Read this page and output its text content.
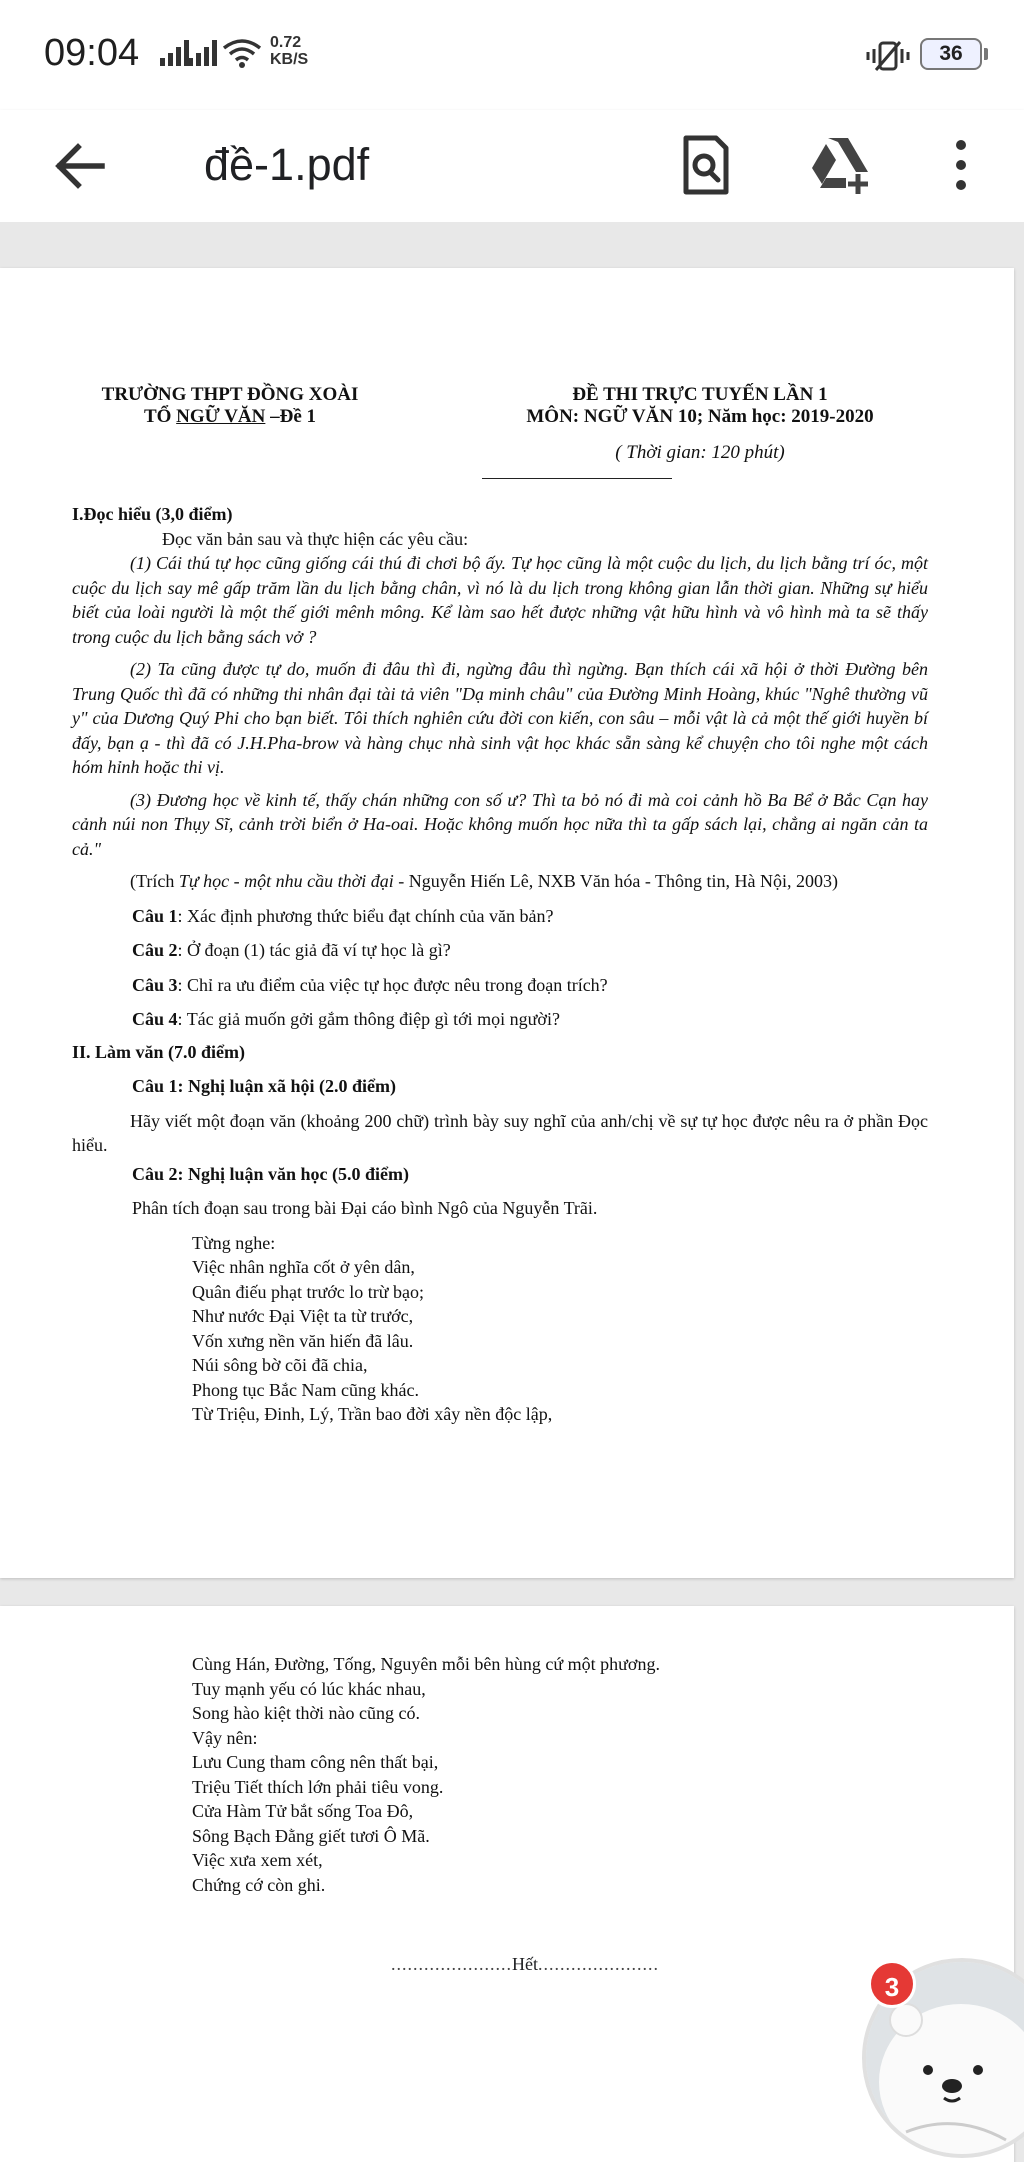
09:04	0.72
KB/S	36
đề-1.pdf
TRƯỜNG THPT ĐỒNG XOÀI
TỔ NGỮ VĂN –Đề 1
ĐỀ THI TRỰC TUYẾN LẦN 1
MÔN: NGỮ VĂN 10; Năm học: 2019-2020
( Thời gian: 120 phút)

I.Đọc hiểu (3,0 điểm)

Đọc văn bản sau và thực hiện các yêu cầu:

(1) Cái thú tự học cũng giống cái thú đi chơi bộ ấy. Tự học cũng là một cuộc du lịch, du lịch bằng trí óc, một cuộc du lịch say mê gấp trăm lần du lịch bằng chân, vì nó là du lịch trong không gian lẫn thời gian. Những sự hiểu biết của loài người là một thế giới mênh mông. Kể làm sao hết được những vật hữu hình và vô hình mà ta sẽ thấy trong cuộc du lịch bằng sách vở ?

(2) Ta cũng được tự do, muốn đi đâu thì đi, ngừng đâu thì ngừng. Bạn thích cái xã hội ở thời Đường bên Trung Quốc thì đã có những thi nhân đại tài tả viên "Dạ minh châu" của Đường Minh Hoàng, khúc "Nghê thường vũ y" của Dương Quý Phi cho bạn biết. Tôi thích nghiên cứu đời con kiến, con sâu – mỗi vật là cả một thế giới huyền bí đấy, bạn ạ - thì đã có J.H.Pha-brow và hàng chục nhà sinh vật học khác sẵn sàng kể chuyện cho tôi nghe một cách hóm hỉnh hoặc thi vị.

(3) Đương học về kinh tế, thấy chán những con số ư? Thì ta bỏ nó đi mà coi cảnh hồ Ba Bể ở Bắc Cạn hay cảnh núi non Thụy Sĩ, cảnh trời biển ở Ha-oai. Hoặc không muốn học nữa thì ta gấp sách lại, chẳng ai ngăn cản ta cả."

(Trích Tự học - một nhu cầu thời đại - Nguyễn Hiến Lê, NXB Văn hóa - Thông tin, Hà Nội, 2003)

Câu 1: Xác định phương thức biểu đạt chính của văn bản?

Câu 2: Ở đoạn (1) tác giả đã ví tự học là gì?

Câu 3: Chỉ ra ưu điểm của việc tự học được nêu trong đoạn trích?

Câu 4: Tác giả muốn gởi gắm thông điệp gì tới mọi người?

II. Làm văn (7.0 điểm)

Câu 1: Nghị luận xã hội (2.0 điểm)

Hãy viết một đoạn văn (khoảng 200 chữ) trình bày suy nghĩ của anh/chị về sự tự học được nêu ra ở phần Đọc hiểu.

Câu 2: Nghị luận văn học (5.0 điểm)

Phân tích đoạn sau trong bài Đại cáo bình Ngô của Nguyễn Trãi.

Từng nghe:
Việc nhân nghĩa cốt ở yên dân,
Quân điếu phạt trước lo trừ bạo;
Như nước Đại Việt ta từ trước,
Vốn xưng nền văn hiến đã lâu.
Núi sông bờ cõi đã chia,
Phong tục Bắc Nam cũng khác.
Từ Triệu, Đinh, Lý, Trần bao đời xây nền độc lập,
Cùng Hán, Đường, Tống, Nguyên mỗi bên hùng cứ một phương.
Tuy mạnh yếu có lúc khác nhau,
Song hào kiệt thời nào cũng có.
Vậy nên:
Lưu Cung tham công nên thất bại,
Triệu Tiết thích lớn phải tiêu vong.
Cửa Hàm Tử bắt sống Toa Đô,
Sông Bạch Đằng giết tươi Ô Mã.
Việc xưa xem xét,
Chứng cớ còn ghi.
......................Hết......................
3
